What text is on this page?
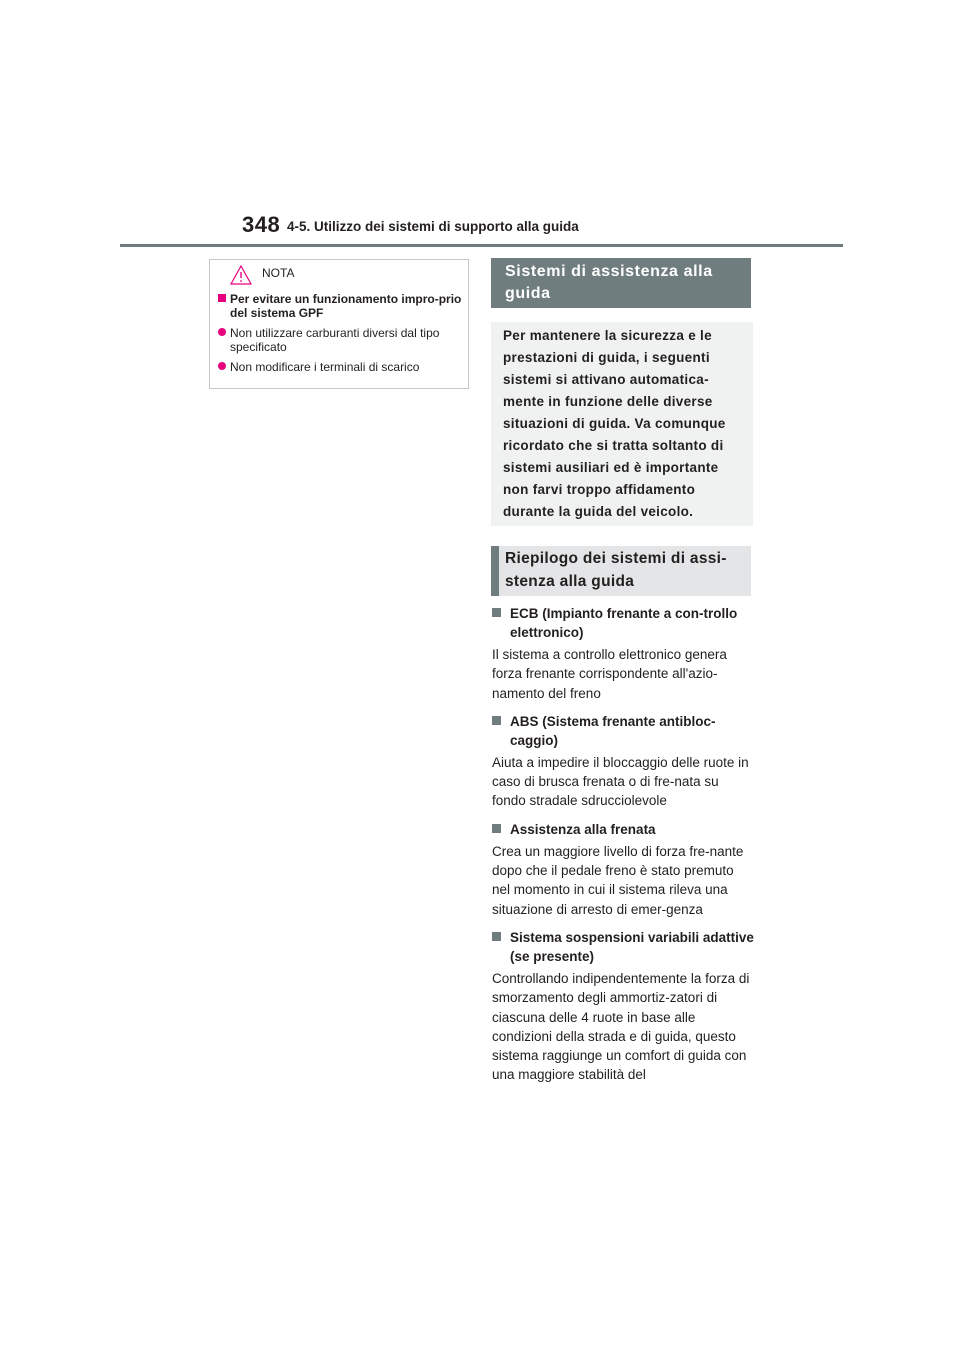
348 4-5. Utilizzo dei sistemi di supporto alla guida
NOTA
Per evitare un funzionamento impro-prio del sistema GPF
Non utilizzare carburanti diversi dal tipo specificato
Non modificare i terminali di scarico
Sistemi di assistenza alla guida
Per mantenere la sicurezza e le prestazioni di guida, i seguenti sistemi si attivano automatica-mente in funzione delle diverse situazioni di guida. Va comunque ricordato che si tratta soltanto di sistemi ausiliari ed è importante non farvi troppo affidamento durante la guida del veicolo.
Riepilogo dei sistemi di assi-stenza alla guida
ECB (Impianto frenante a con-trollo elettronico)
Il sistema a controllo elettronico genera forza frenante corrispondente all'azio-namento del freno
ABS (Sistema frenante antibloc-caggio)
Aiuta a impedire il bloccaggio delle ruote in caso di brusca frenata o di fre-nata su fondo stradale sdrucciolevole
Assistenza alla frenata
Crea un maggiore livello di forza fre-nante dopo che il pedale freno è stato premuto nel momento in cui il sistema rileva una situazione di arresto di emer-genza
Sistema sospensioni variabili adattive (se presente)
Controllando indipendentemente la forza di smorzamento degli ammortiz-zatori di ciascuna delle 4 ruote in base alle condizioni della strada e di guida, questo sistema raggiunge un comfort di guida con una maggiore stabilità del
